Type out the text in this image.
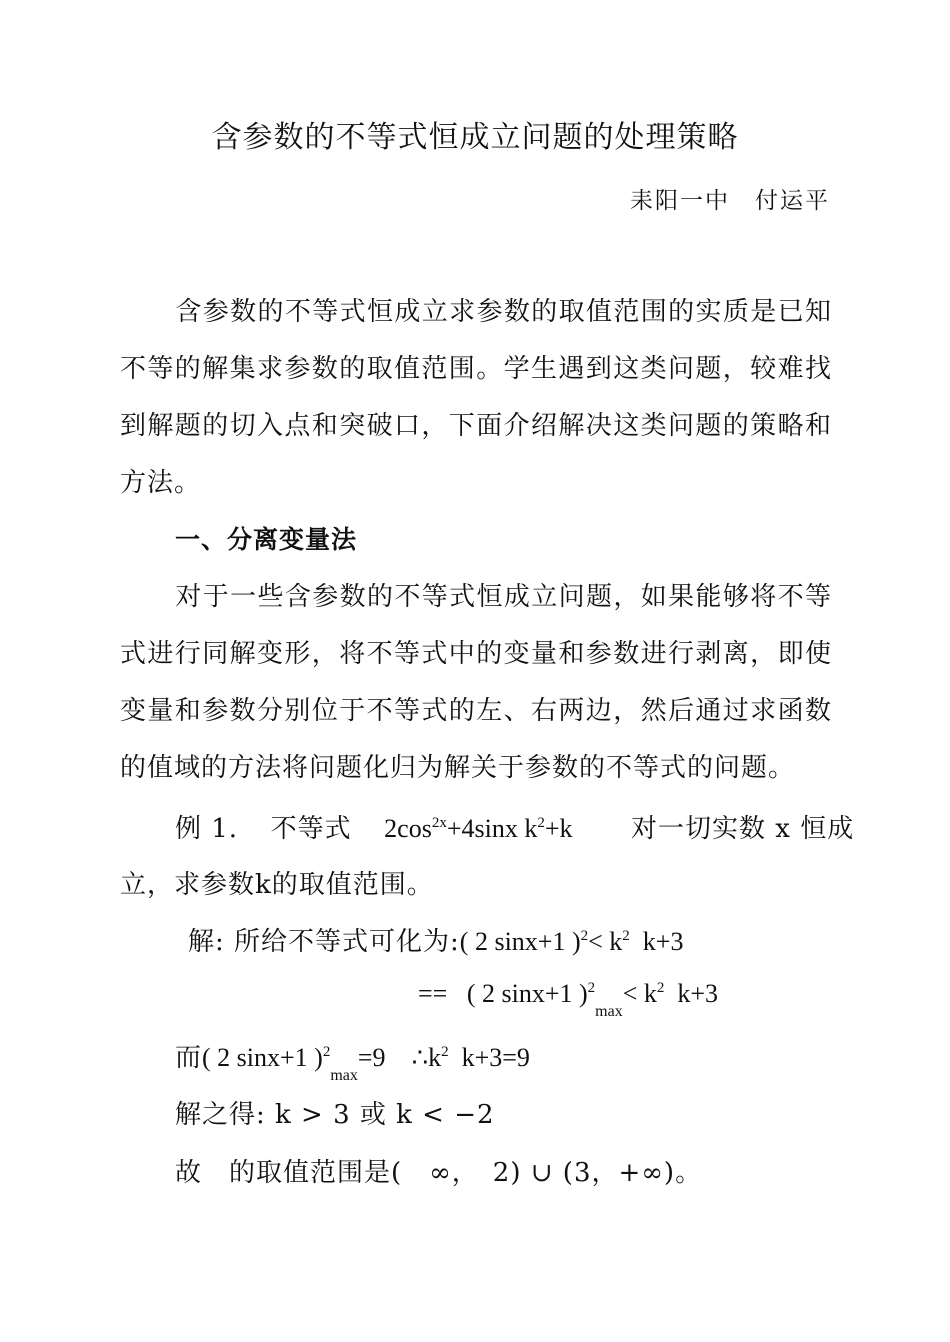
含参数的不等式恒成立问题的处理策略
耒阳一中　付运平
含参数的不等式恒成立求参数的取值范围的实质是已知不等的解集求参数的取值范围。学生遇到这类问题，较难找到解题的切入点和突破口，下面介绍解决这类问题的策略和方法。
一、分离变量法
对于一些含参数的不等式恒成立问题，如果能够将不等式进行同解变形，将不等式中的变量和参数进行剥离，即使变量和参数分别位于不等式的左、右两边，然后通过求函数的值域的方法将问题化归为解关于参数的不等式的问题。
例 1. 不等式 $2\cos^{2x}+4\sin x$ $k^2+k$ 对一切实数 x 恒成
立，求参数k的取值范围。
解: 所给不等式可化为:( 2 sinx+1 )$^2< k^2$ k+3
== ( 2 sinx+1 )$^2_{max}< k^2$ k+3
而( 2 sinx+1 )$^2_{max}$=9 $\therefore k^2$ k+3=9
解之得: k > 3 或 k < −2
故　的取值范围是(　∞，　2) ∪ (3，+∞)。
